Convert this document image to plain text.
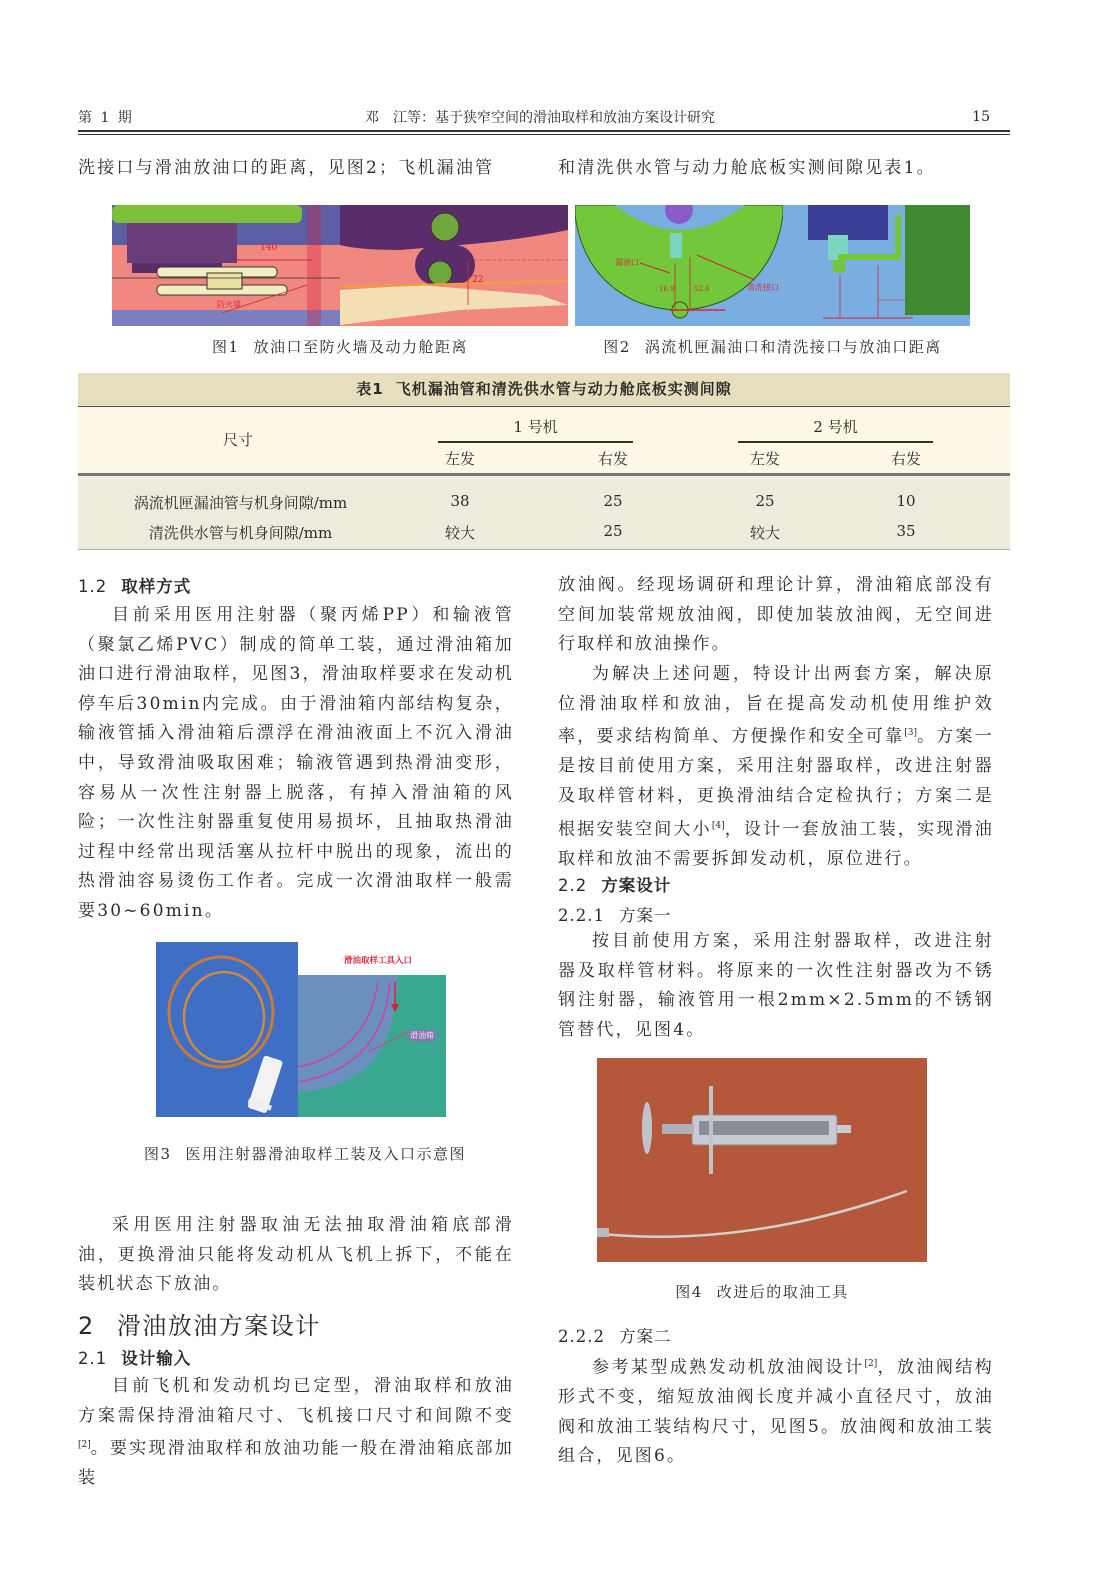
第 1 期	邓　江等：基于狭窄空间的滑油取样和放油方案设计研究	15
洗接口与滑油放油口的距离，见图2；飞机漏油管	和清洗供水管与动力舱底板实测间隙见表1。
140
防火墙
22
图1 放油口至防火墙及动力舱距离
漏油口
清洗接口
16.9	52.6
图2 涡流机匣漏油口和清洗接口与放油口距离
表1 飞机漏油管和清洗供水管与动力舱底板实测间隙
尺寸
1 号机	2 号机
左发	右发	左发	右发
涡流机匣漏油管与机身间隙/mm	38	25	25	10
清洗供水管与机身间隙/mm	较大	25	较大	35
1.2 取样方式
目前采用医用注射器（聚丙烯PP）和输液管（聚氯乙烯PVC）制成的简单工装，通过滑油箱加油口进行滑油取样，见图3，滑油取样要求在发动机停车后30min内完成。由于滑油箱内部结构复杂，输液管插入滑油箱后漂浮在滑油液面上不沉入滑油中，导致滑油吸取困难；输液管遇到热滑油变形，容易从一次性注射器上脱落，有掉入滑油箱的风险；一次性注射器重复使用易损坏，且抽取热滑油过程中经常出现活塞从拉杆中脱出的现象，流出的热滑油容易烫伤工作者。完成一次滑油取样一般需要30~60min。
滑油取样工具入口
滑油箱
图3 医用注射器滑油取样工装及入口示意图
采用医用注射器取油无法抽取滑油箱底部滑油，更换滑油只能将发动机从飞机上拆下，不能在装机状态下放油。
2 滑油放油方案设计
2.1 设计输入
目前飞机和发动机均已定型，滑油取样和放油方案需保持滑油箱尺寸、飞机接口尺寸和间隙不变[2]。要实现滑油取样和放油功能一般在滑油箱底部加装
放油阀。经现场调研和理论计算，滑油箱底部没有空间加装常规放油阀，即使加装放油阀，无空间进行取样和放油操作。
为解决上述问题，特设计出两套方案，解决原位滑油取样和放油，旨在提高发动机使用维护效率，要求结构简单、方便操作和安全可靠[3]。方案一是按目前使用方案，采用注射器取样，改进注射器及取样管材料，更换滑油结合定检执行；方案二是根据安装空间大小[4]，设计一套放油工装，实现滑油取样和放油不需要拆卸发动机，原位进行。
2.2 方案设计
2.2.1 方案一
按目前使用方案，采用注射器取样，改进注射器及取样管材料。将原来的一次性注射器改为不锈钢注射器，输液管用一根2mm×2.5mm的不锈钢管替代，见图4。
图4 改进后的取油工具
2.2.2 方案二
参考某型成熟发动机放油阀设计[2]，放油阀结构形式不变，缩短放油阀长度并减小直径尺寸，放油阀和放油工装结构尺寸，见图5。放油阀和放油工装组合，见图6。
